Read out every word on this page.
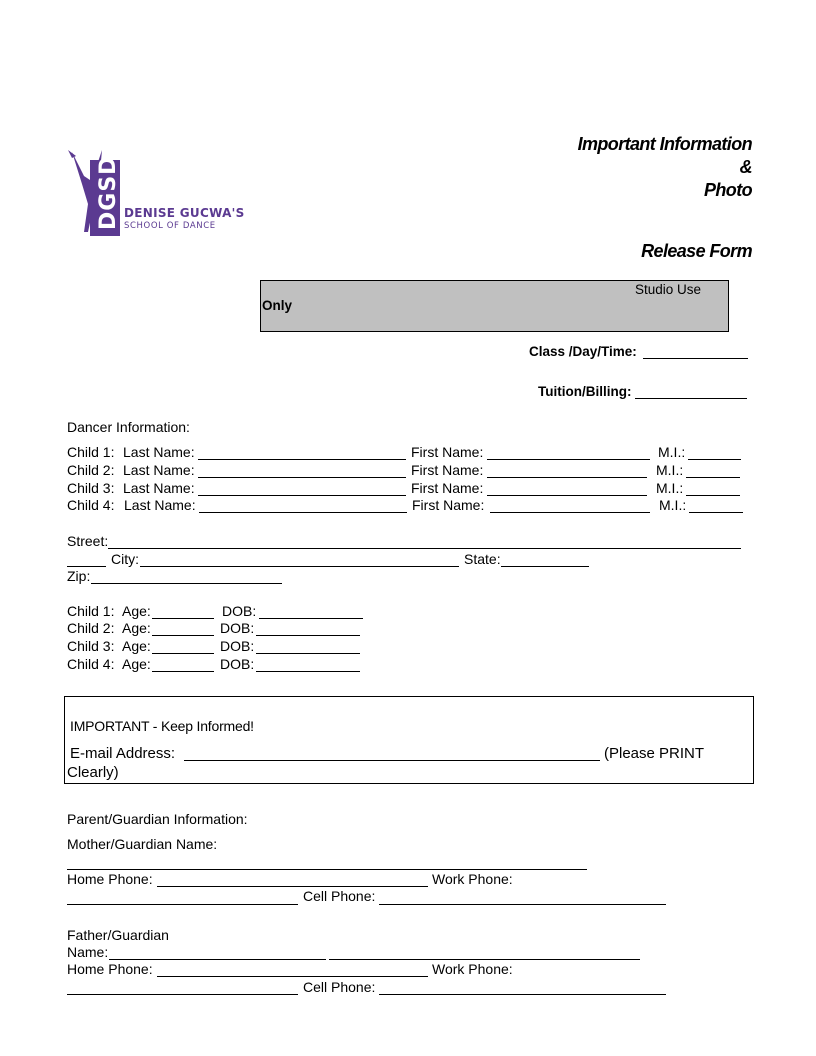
DGSD DENISE GUCWA'S
SCHOOL OF DANCE
Important Information
&
Photo
Release Form
Studio Use
Only
Class /Day/Time:
Tuition/Billing:
Dancer Information:
Child 1: Last Name:	First Name:	M.I.:
Child 2: Last Name:	First Name:	M.I.:
Child 3: Last Name:	First Name:	M.I.:
Child 4: Last Name:	First Name:	M.I.:
Street:
City:	State:
Zip:
Child 1: Age:	DOB:
Child 2: Age:	DOB:
Child 3: Age:	DOB:
Child 4: Age:	DOB:
IMPORTANT - Keep Informed!
E-mail Address:	(Please PRINT
Clearly)
Parent/Guardian Information:
Mother/Guardian Name:
Home Phone:	Work Phone:
Cell Phone:
Father/Guardian
Name:
Home Phone:	Work Phone:
Cell Phone:
